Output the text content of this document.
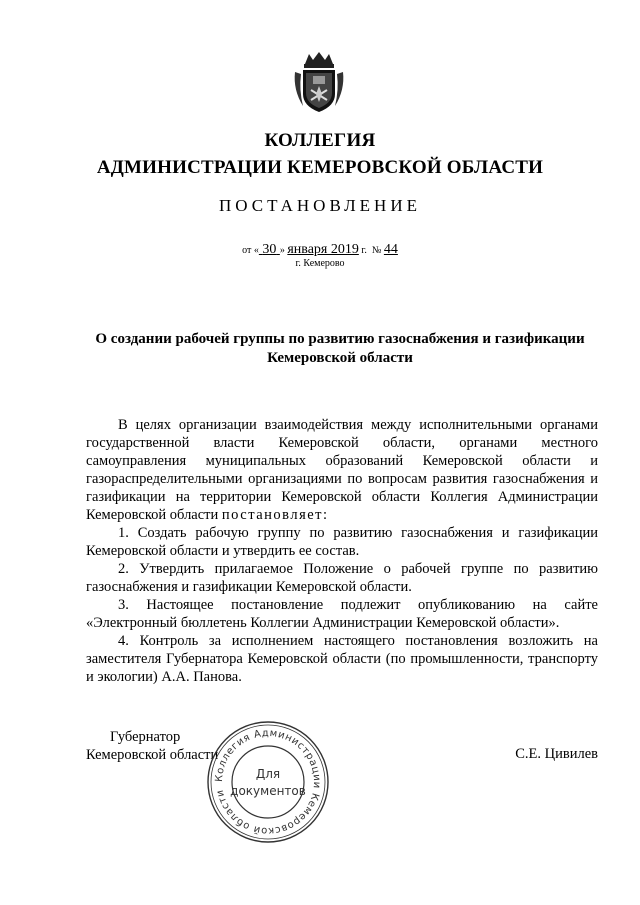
КОЛЛЕГИЯ
АДМИНИСТРАЦИИ КЕМЕРОВСКОЙ ОБЛАСТИ
ПОСТАНОВЛЕНИЕ
от « 30 » января 2019 г. № 44
г. Кемерово
О создании рабочей группы по развитию газоснабжения и газификации
Кемеровской области

В целях организации взаимодействия между исполнительными органами государственной власти Кемеровской области, органами местного самоуправления муниципальных образований Кемеровской области и газораспределительными организациями по вопросам развития газоснабжения и газификации на территории Кемеровской области Коллегия Администрации Кемеровской области постановляет:

1. Создать рабочую группу по развитию газоснабжения и газификации Кемеровской области и утвердить ее состав.

2. Утвердить прилагаемое Положение о рабочей группе по развитию газоснабжения и газификации Кемеровской области.

3. Настоящее постановление подлежит опубликованию на сайте «Электронный бюллетень Коллегии Администрации Кемеровской области».

4. Контроль за исполнением настоящего постановления возложить на заместителя Губернатора Кемеровской области (по промышленности, транспорту и экологии) А.А. Панова.

Губернатор
Кемеровской области	С.Е. Цивилев
Коллегия Администрации Кемеровской области
Для
документов
